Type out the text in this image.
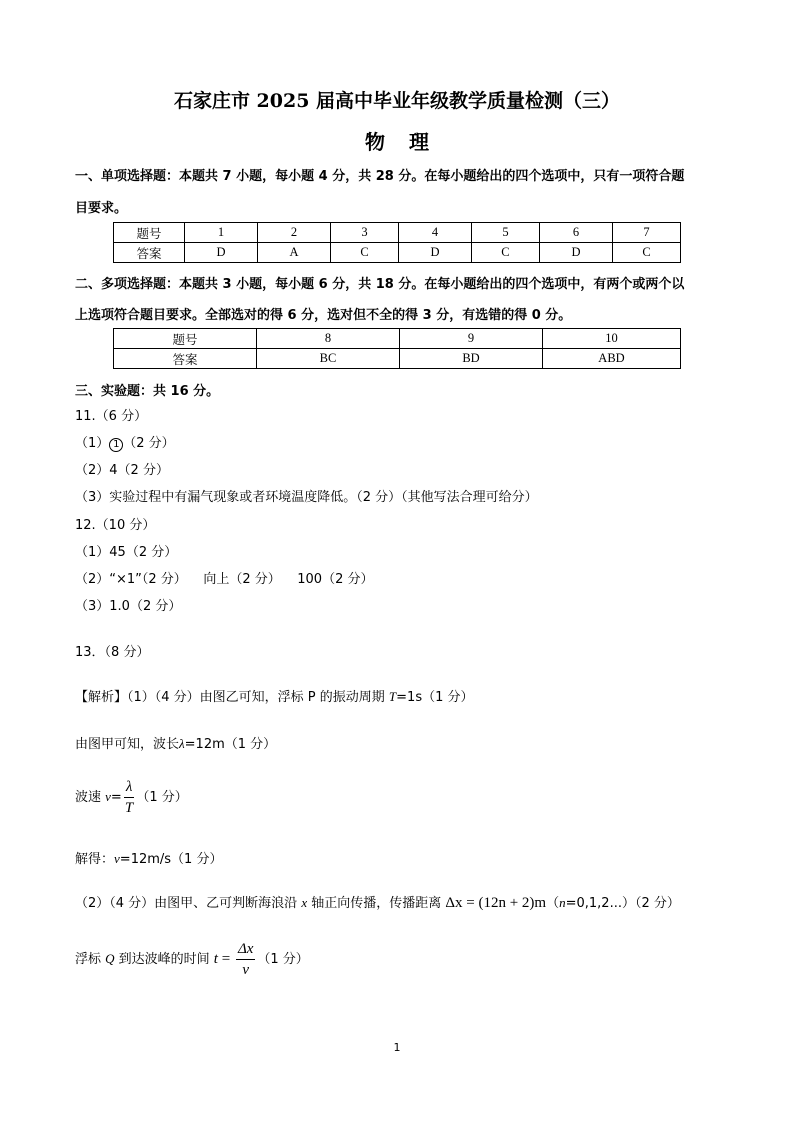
石家庄市 2025 届高中毕业年级教学质量检测（三）
物理
一、单项选择题：本题共 7 小题，每小题 4 分，共 28 分。在每小题给出的四个选项中，只有一项符合题
目要求。
题号	1	2	3	4	5	6	7
答案	D	A	C	D	C	D	C
二、多项选择题：本题共 3 小题，每小题 6 分，共 18 分。在每小题给出的四个选项中，有两个或两个以
上选项符合题目要求。全部选对的得 6 分，选对但不全的得 3 分，有选错的得 0 分。
题号	8	9	10
答案	BC	BD	ABD
三、实验题：共 16 分。
11.（6 分）
（1） 1 （2 分）
（2）4（2 分）
（3）实验过程中有漏气现象或者环境温度降低。（2 分）（其他写法合理可给分）
12.（10 分）
（1）45（2 分）
（2）“×1”（2 分）    向上（2 分）    100（2 分）
（3）1.0（2 分）
13．（8 分）
【解析】（1）（4 分）由图乙可知，浮标 P 的振动周期 T=1s（1 分）
由图甲可知，波长λ=12m（1 分）
波速 $v= \frac{\lambda}{T} (1$ 分）
解得：v=12m/s（1 分）
（2）（4 分）由图甲、乙可判断海浪沿 x 轴正向传播，传播距离 Δx = (12n + 2)m（n=0,1,2...）（2 分）
浮标 Q 到达波峰的时间 $t = \frac{\Delta x}{v} (1$ 分）
1
